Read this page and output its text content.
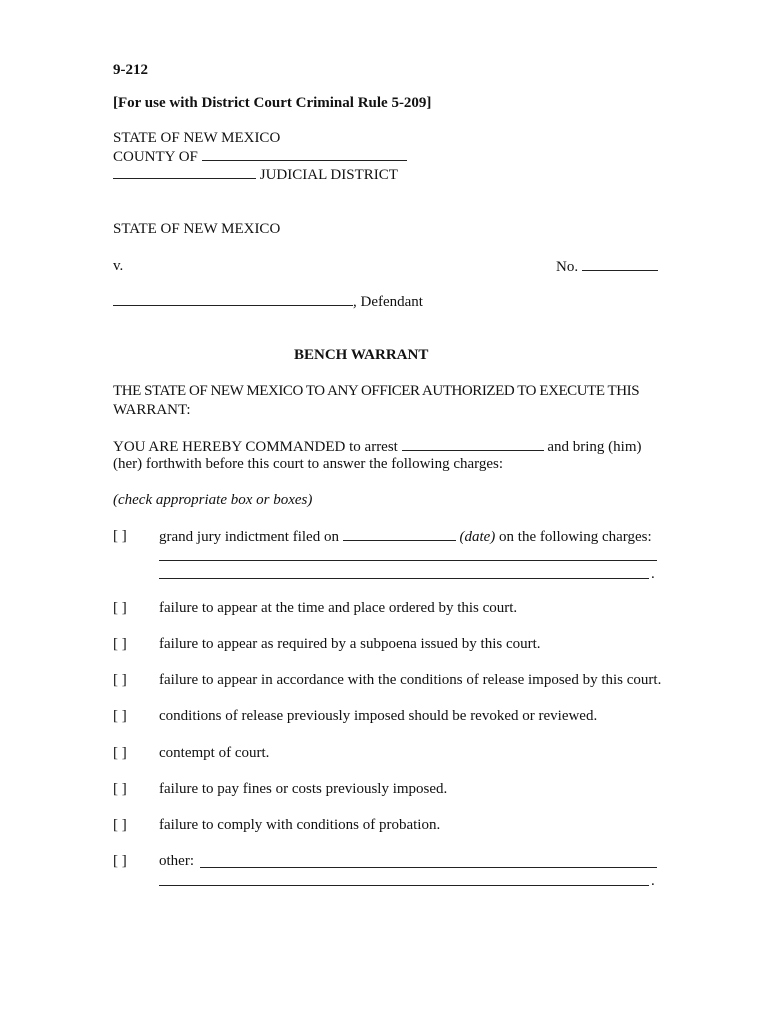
9-212
[For use with District Court Criminal Rule 5-209]
STATE OF NEW MEXICO
COUNTY OF
JUDICIAL DISTRICT
STATE OF NEW MEXICO
v.	No.
, Defendant
BENCH WARRANT
THE STATE OF NEW MEXICO TO ANY OFFICER AUTHORIZED TO EXECUTE THIS
WARRANT:
YOU ARE HEREBY COMMANDED to arrest	and bring (him)
(her) forthwith before this court to answer the following charges:
(check appropriate box or boxes)
[ ] grand jury indictment filed on	(date) on the following charges:
.
[ ] failure to appear at the time and place ordered by this court.
[ ] failure to appear as required by a subpoena issued by this court.
[ ] failure to appear in accordance with the conditions of release imposed by this court.
[ ] conditions of release previously imposed should be revoked or reviewed.
[ ] contempt of court.
[ ] failure to pay fines or costs previously imposed.
[ ] failure to comply with conditions of probation.
[ ] other:
.
